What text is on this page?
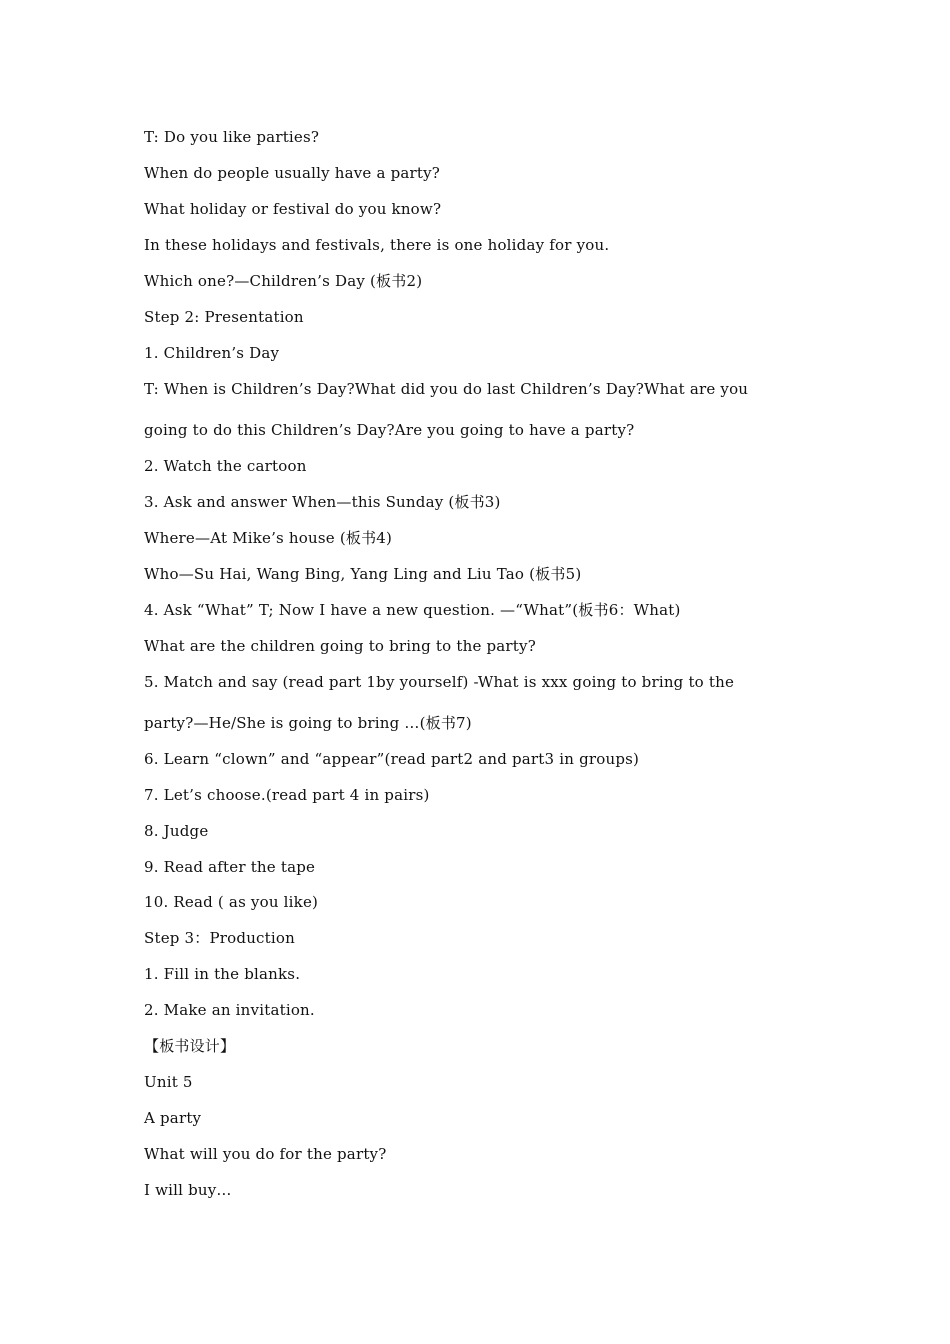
T: Do you like parties?
When do people usually have a party?
What holiday or festival do you know?
In these holidays and festivals, there is one holiday for you.
Which one?—Children’s Day (板书2)
Step 2: Presentation
1. Children’s Day
T: When is Children’s Day?What did you do last Children’s Day?What are you
going to do this Children’s Day?Are you going to have a party?
2. Watch the cartoon
3. Ask and answer When—this Sunday (板书3)
Where—At Mike’s house (板书4)
Who—Su Hai, Wang Bing, Yang Ling and Liu Tao (板书5)
4. Ask “What” T; Now I have a new question. —“What”(板书6：What)
What are the children going to bring to the party?
5. Match and say (read part 1by yourself) -What is xxx going to bring to the
party?—He/She is going to bring …(板书7)
6. Learn “clown” and “appear”(read part2 and part3 in groups)
7. Let’s choose.(read part 4 in pairs)
8. Judge
9. Read after the tape
10. Read ( as you like)
Step 3：Production
1. Fill in the blanks.
2. Make an invitation.
【板书设计】
Unit 5
A party
What will you do for the party?
I will buy…
